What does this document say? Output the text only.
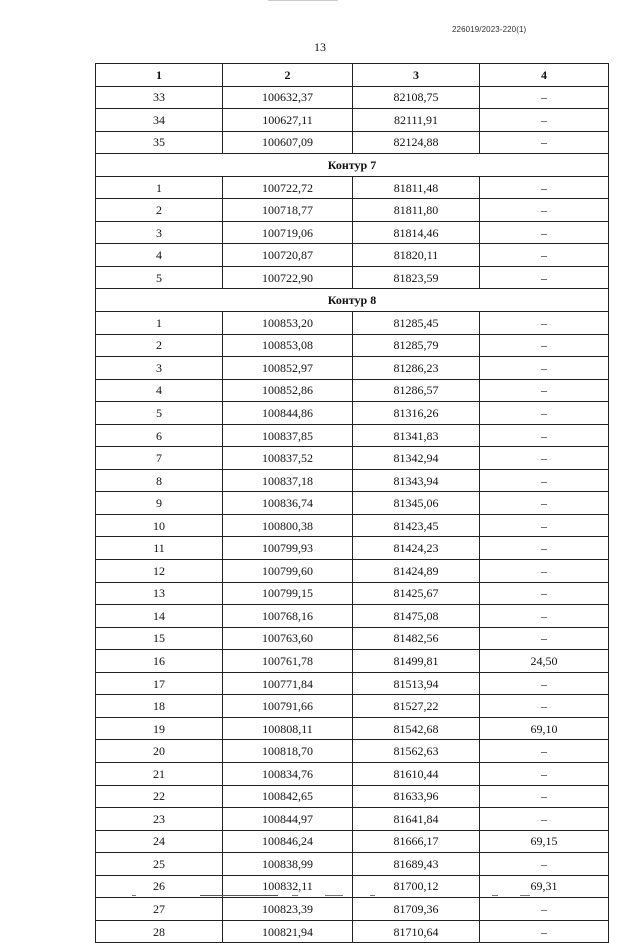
226019/2023-220(1)
13
1	2	3	4
33	100632,37	82108,75	–
34	100627,11	82111,91	–
35	100607,09	82124,88	–
Контур 7			
1	100722,72	81811,48	–
2	100718,77	81811,80	–
3	100719,06	81814,46	–
4	100720,87	81820,11	–
5	100722,90	81823,59	–
Контур 8			
1	100853,20	81285,45	–
2	100853,08	81285,79	–
3	100852,97	81286,23	–
4	100852,86	81286,57	–
5	100844,86	81316,26	–
6	100837,85	81341,83	–
7	100837,52	81342,94	–
8	100837,18	81343,94	–
9	100836,74	81345,06	–
10	100800,38	81423,45	–
11	100799,93	81424,23	–
12	100799,60	81424,89	–
13	100799,15	81425,67	–
14	100768,16	81475,08	–
15	100763,60	81482,56	–
16	100761,78	81499,81	24,50
17	100771,84	81513,94	–
18	100791,66	81527,22	–
19	100808,11	81542,68	69,10
20	100818,70	81562,63	–
21	100834,76	81610,44	–
22	100842,65	81633,96	–
23	100844,97	81641,84	–
24	100846,24	81666,17	69,15
25	100838,99	81689,43	–
26	100832,11	81700,12	69,31
27	100823,39	81709,36	–
28	100821,94	81710,64	–
